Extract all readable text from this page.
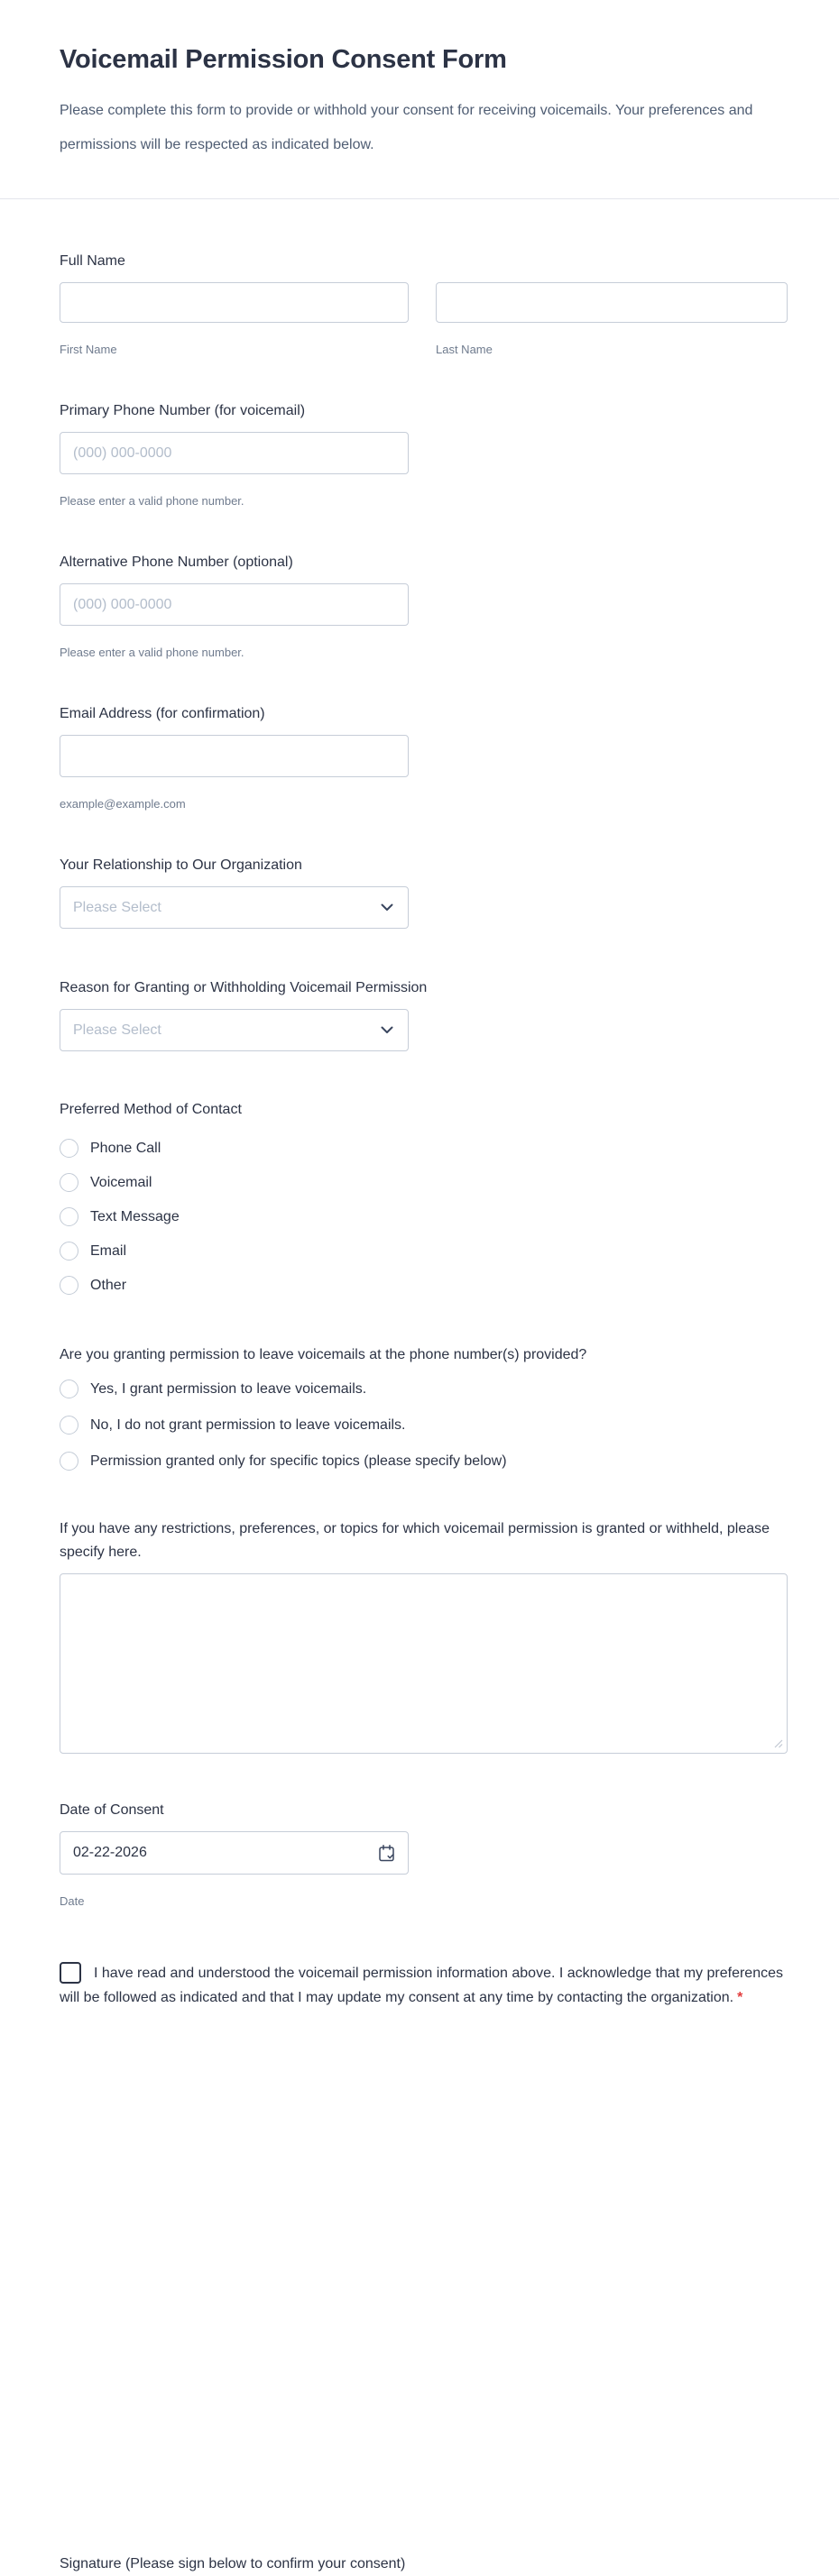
Voicemail Permission Consent Form

Please complete this form to provide or withhold your consent for receiving voicemails. Your preferences and permissions will be respected as indicated below.

Full Name
First Name	Last Name
Primary Phone Number (for voicemail)
(000) 000-0000
Please enter a valid phone number.
Alternative Phone Number (optional)
(000) 000-0000
Please enter a valid phone number.
Email Address (for confirmation)
example@example.com
Your Relationship to Our Organization
Please Select
Reason for Granting or Withholding Voicemail Permission
Please Select
Preferred Method of Contact
Phone Call
Voicemail
Text Message
Email
Other
Are you granting permission to leave voicemails at the phone number(s) provided?
Yes, I grant permission to leave voicemails.
No, I do not grant permission to leave voicemails.
Permission granted only for specific topics (please specify below)
If you have any restrictions, preferences, or topics for which voicemail permission is granted or withheld, please specify here.
Date of Consent
02-22-2026
Date
I have read and understood the voicemail permission information above. I acknowledge that my preferences will be followed as indicated and that I may update my consent at any time by contacting the organization. *
Signature (Please sign below to confirm your consent)
